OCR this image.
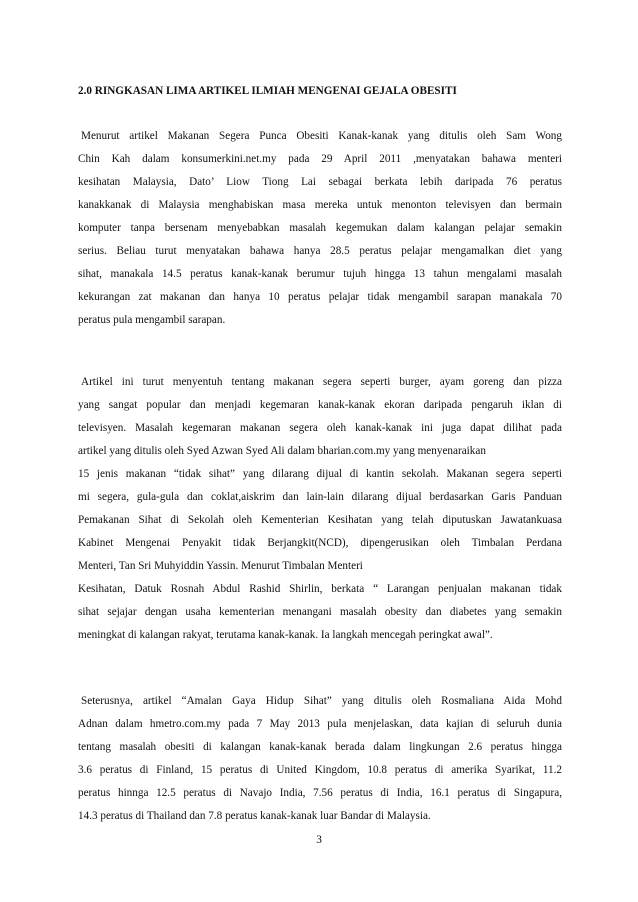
2.0 RINGKASAN LIMA ARTIKEL ILMIAH MENGENAI GEJALA OBESITI
Menurut artikel Makanan Segera Punca Obesiti Kanak-kanak yang ditulis oleh Sam Wong
Chin Kah dalam konsumerkini.net.my pada 29 April 2011 ,menyatakan bahawa menteri
kesihatan Malaysia, Dato’ Liow Tiong Lai sebagai berkata lebih daripada 76 peratus
kanakkanak di Malaysia menghabiskan masa mereka untuk menonton televisyen dan bermain
komputer tanpa bersenam menyebabkan masalah kegemukan dalam kalangan pelajar semakin
serius. Beliau turut menyatakan bahawa hanya 28.5 peratus pelajar mengamalkan diet yang
sihat, manakala 14.5 peratus kanak-kanak berumur tujuh hingga 13 tahun mengalami masalah
kekurangan zat makanan dan hanya 10 peratus pelajar tidak mengambil sarapan manakala 70
peratus pula mengambil sarapan.
Artikel ini turut menyentuh tentang makanan segera seperti burger, ayam goreng dan pizza
yang sangat popular dan menjadi kegemaran kanak-kanak ekoran daripada pengaruh iklan di
televisyen. Masalah kegemaran makanan segera oleh kanak-kanak ini juga dapat dilihat pada
artikel yang ditulis oleh Syed Azwan Syed Ali dalam bharian.com.my yang menyenaraikan
15 jenis makanan “tidak sihat” yang dilarang dijual di kantin sekolah. Makanan segera seperti
mi segera, gula-gula dan coklat,aiskrim dan lain-lain dilarang dijual berdasarkan Garis Panduan
Pemakanan Sihat di Sekolah oleh Kementerian Kesihatan yang telah diputuskan Jawatankuasa
Kabinet Mengenai Penyakit tidak Berjangkit(NCD), dipengerusikan oleh Timbalan Perdana
Menteri, Tan Sri Muhyiddin Yassin. Menurut Timbalan Menteri
Kesihatan, Datuk Rosnah Abdul Rashid Shirlin, berkata “ Larangan penjualan makanan tidak
sihat sejajar dengan usaha kementerian menangani masalah obesity dan diabetes yang semakin
meningkat di kalangan rakyat, terutama kanak-kanak. Ia langkah mencegah peringkat awal”.
Seterusnya, artikel “Amalan Gaya Hidup Sihat” yang ditulis oleh Rosmaliana Aida Mohd
Adnan dalam hmetro.com.my pada 7 May 2013 pula menjelaskan, data kajian di seluruh dunia
tentang masalah obesiti di kalangan kanak-kanak berada dalam lingkungan 2.6 peratus hingga
3.6 peratus di Finland, 15 peratus di United Kingdom, 10.8 peratus di amerika Syarikat, 11.2
peratus hinnga 12.5 peratus di Navajo India, 7.56 peratus di India, 16.1 peratus di Singapura,
14.3 peratus di Thailand dan 7.8 peratus kanak-kanak luar Bandar di Malaysia.
3
